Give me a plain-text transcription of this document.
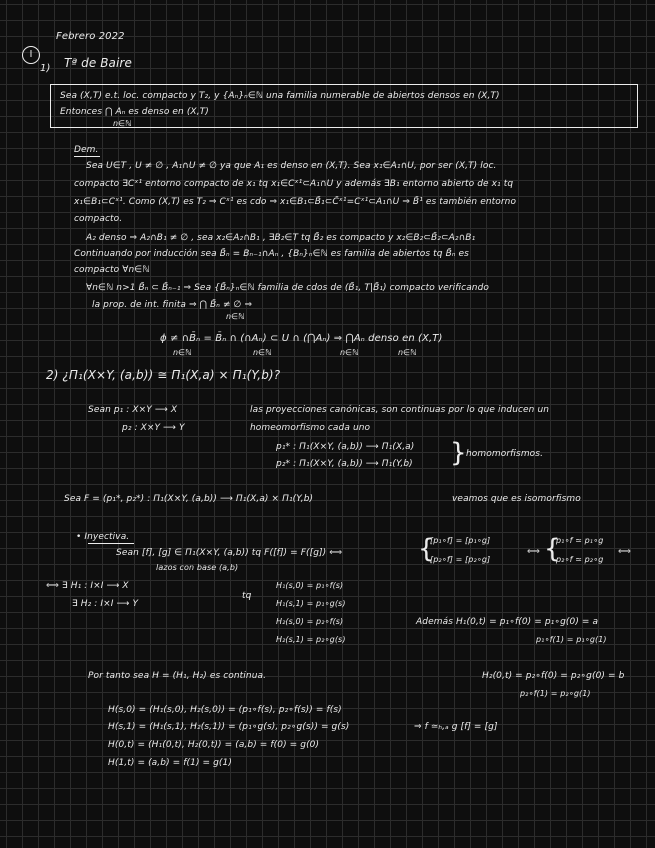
Febrero 2022
I
1) Tª de Baire
Sea (X,T) e.t. loc. compacto y T₂, y {Aₙ}ₙ∈ℕ una familia numerable de abiertos densos en (X,T)
Entonces ⋂ Aₙ es denso en (X,T)
n∈ℕ
Dem.
Sea U∈T , U ≠ ∅ , A₁∩U ≠ ∅ ya que A₁ es denso en (X,T). Sea x₁∈A₁∩U, por ser (X,T) loc.
compacto ∃Cˣ¹ entorno compacto de x₁ tq x₁∈Cˣ¹⊂A₁∩U y además ∃B₁ entorno abierto de x₁ tq
x₁∈B₁⊂Cˣ¹. Como (X,T) es T₂ ⇒ Cˣ¹ es cdo ⇒ x₁∈B₁⊂B̄₁⊂C̄ˣ¹=Cˣ¹⊂A₁∩U ⇒ B̄¹ es también entorno
compacto.
A₂ denso ⇒ A₂∩B₁ ≠ ∅ , sea x₂∈A₂∩B₁ , ∃B₂∈T tq B̄₂ es compacto y x₂∈B₂⊂B̄₂⊂A₂∩B₁
Continuando por inducción sea B̄ₙ = Bₙ₋₁∩Aₙ , {Bₙ}ₙ∈ℕ es familia de abiertos tq B̄ₙ es
compacto ∀n∈ℕ
∀n∈ℕ n>1 B̄ₙ ⊂ B̄ₙ₋₁ ⇒ Sea {B̄ₙ}ₙ∈ℕ familia de cdos de (B̄₁, T|B̄₁) compacto verificando
la prop. de int. finita ⇒ ⋂ B̄ₙ ≠ ∅ ⇒
n∈ℕ
ϕ ≠ ∩B̄ₙ = B̄ₙ ∩ (∩Aₙ) ⊂ U ∩ (⋂Aₙ) ⇒ ⋂Aₙ denso en (X,T)
n∈ℕ	n∈ℕ	n∈ℕ	n∈ℕ
2) ¿Π₁(X×Y, (a,b)) ≅ Π₁(X,a) × Π₁(Y,b)?
Sean p₁ : X×Y ⟶ X
p₂ : X×Y ⟶ Y
las proyecciones canónicas, son continuas por lo que inducen un
homeomorfismo cada uno
p₁* : Π₁(X×Y, (a,b)) ⟶ Π₁(X,a)
p₂* : Π₁(X×Y, (a,b)) ⟶ Π₁(Y,b) } homomorfismos.
Sea F = (p₁*, p₂*) : Π₁(X×Y, (a,b)) ⟶ Π₁(X,a) × Π₁(Y,b)	veamos que es isomorfismo
• Inyectiva.
Sean [f], [g] ∈ Π₁(X×Y, (a,b)) tq F([f]) = F([g]) ⟺
lazos con base (a,b)
{
[p₁∘f] = [p₁∘g]
[p₂∘f] = [p₂∘g]
⟺ {
p₁∘f ≃ p₁∘g
p₂∘f ≃ p₂∘g
⟺
⟺ ∃ H₁ : I×I ⟶ X
∃ H₂ : I×I ⟶ Y
tq
H₁(s,0) = p₁∘f(s)
H₁(s,1) = p₁∘g(s)
H₂(s,0) = p₂∘f(s)
H₂(s,1) = p₂∘g(s)
Además H₁(0,t) = p₁∘f(0) = p₁∘g(0) = a
p₁∘f(1) = p₁∘g(1)
H₂(0,t) = p₂∘f(0) = p₂∘g(0) = b
p₂∘f(1) = p₂∘g(1)
Por tanto sea H = (H₁, H₂) es continua.
H(s,0) = (H₁(s,0), H₂(s,0)) = (p₁∘f(s), p₂∘f(s)) = f(s)
H(s,1) = (H₁(s,1), H₂(s,1)) = (p₁∘g(s), p₂∘g(s)) = g(s)	⇒ f ≃ₕ,ₐ g [f] = [g]
H(0,t) = (H₁(0,t), H₂(0,t)) = (a,b) = f(0) = g(0)
H(1,t) = (a,b) = f(1) = g(1)
